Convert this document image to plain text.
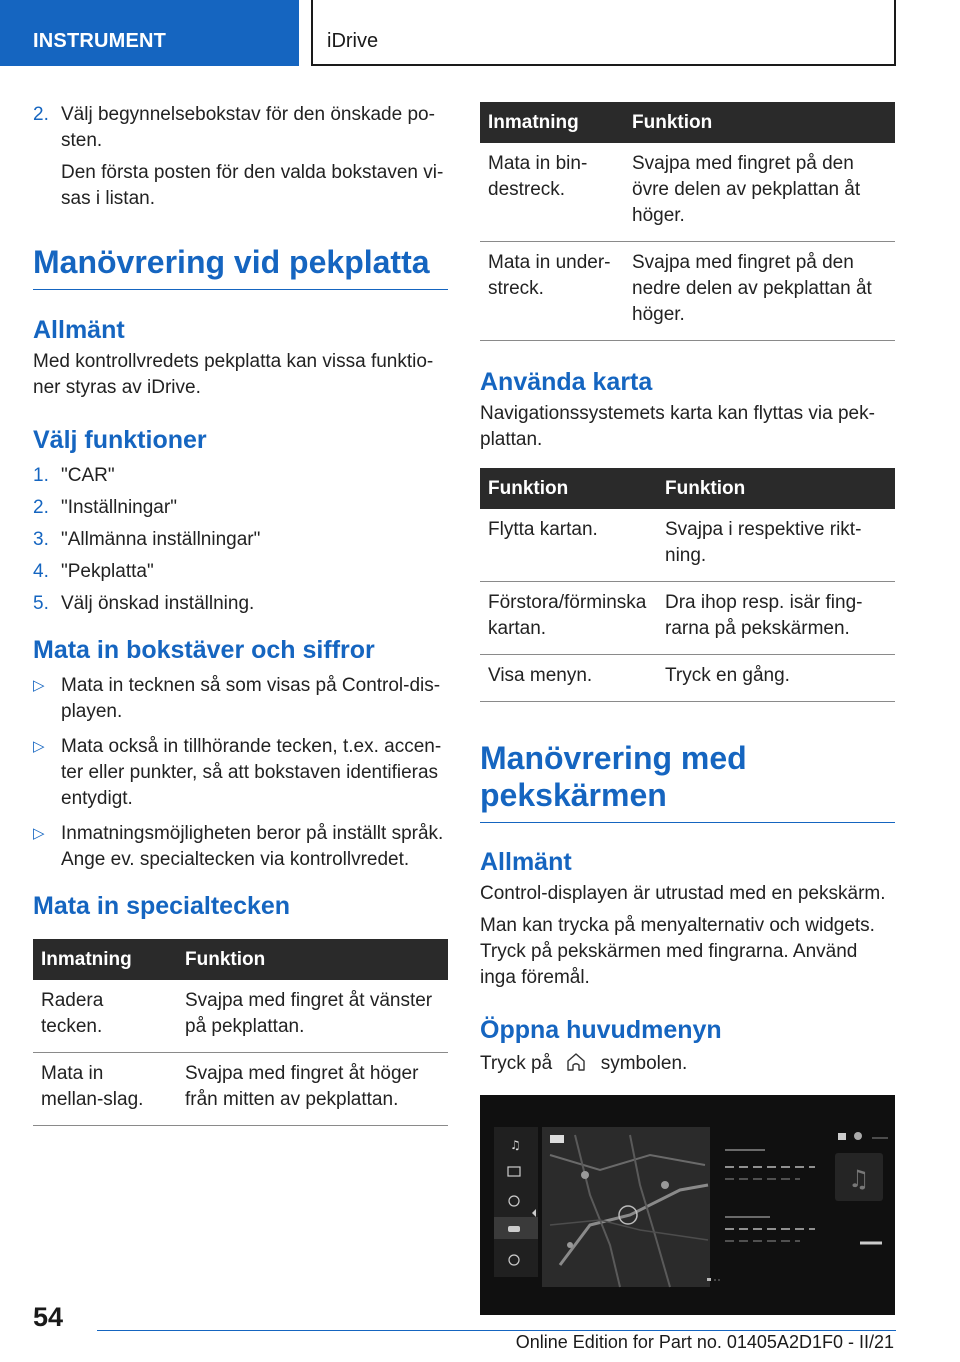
INSTRUMENT	iDrive
2. Välj begynnelsebokstav för den önskade po‐sten.

Den första posten för den valda bokstaven vi‐sas i listan.

Manövrering vid pekplatta
Allmänt

Med kontrollvredets pekplatta kan vissa funktio‐ner styras av iDrive.

Välj funktioner
1. "CAR"
2. "Inställningar"
3. "Allmänna inställningar"
4. "Pekplatta"
5. Välj önskad inställning.
Mata in bokstäver och siffror
▷ Mata in tecknen så som visas på Control-dis‐playen.
▷ Mata också in tillhörande tecken, t.ex. accen‐ter eller punkter, så att bokstaven identifieras entydigt.
▷ Inmatningsmöjligheten beror på inställt språk. Ange ev. specialtecken via kontrollvredet.
Mata in specialtecken
Inmatning	Funktion
Radera tecken.	Svajpa med fingret åt vänster på pekplattan.
Mata in mellan‐slag.	Svajpa med fingret åt höger från mitten av pekplattan.
Inmatning	Funktion
Mata in bin‐destreck.	Svajpa med fingret på den övre delen av pekplattan åt höger.
Mata in under‐streck.	Svajpa med fingret på den nedre delen av pekplattan åt höger.
Använda karta

Navigationssystemets karta kan flyttas via pek‐plattan.

Funktion	Funktion
Flytta kartan.	Svajpa i respektive rikt‐ning.
Förstora/förminska kartan.	Dra ihop resp. isär fing‐rarna på pekskärmen.
Visa menyn.	Tryck en gång.
Manövrering med pekskärmen
Allmänt

Control-displayen är utrustad med en pekskärm.

Man kan trycka på menyalternativ och widgets. Tryck på pekskärmen med fingrarna. Använd inga föremål.

Öppna huvudmenyn

Tryck på	symbolen.

♫
♫
54
Online Edition for Part no. 01405A2D1F0 - II/21
